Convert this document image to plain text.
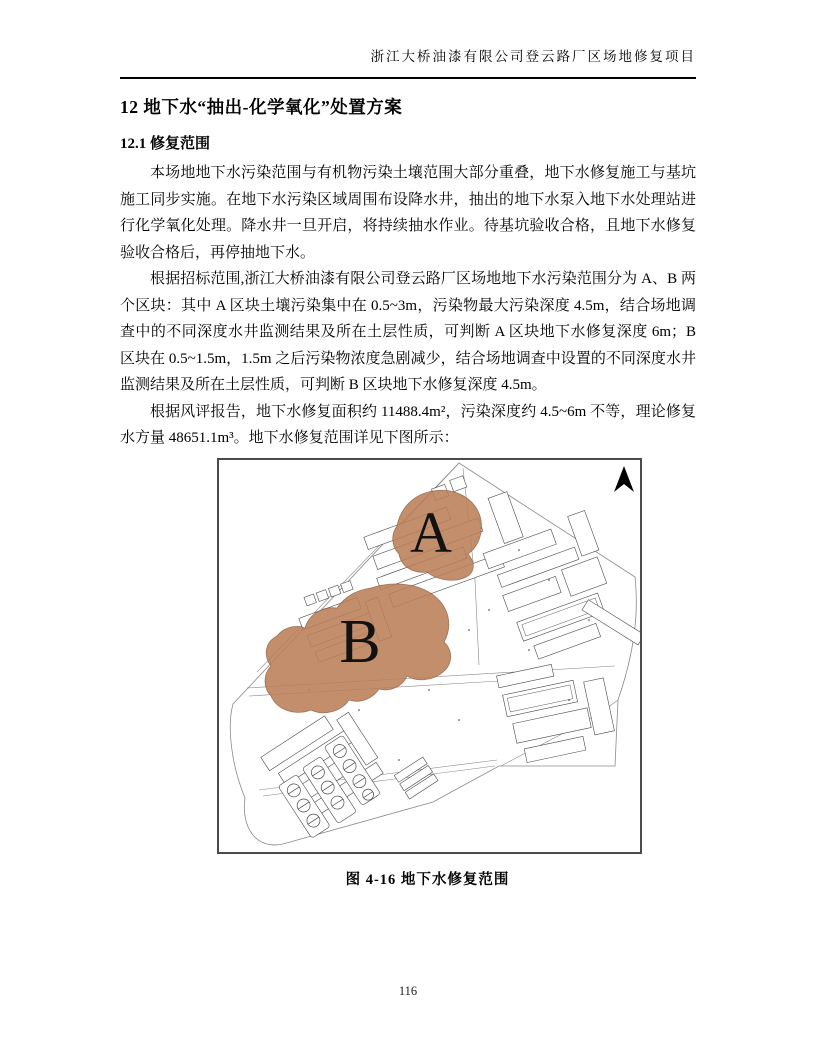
浙江大桥油漆有限公司登云路厂区场地修复项目
12 地下水“抽出-化学氧化”处置方案
12.1 修复范围

本场地地下水污染范围与有机物污染土壤范围大部分重叠，地下水修复施工与基坑施工同步实施。在地下水污染区域周围布设降水井，抽出的地下水泵入地下水处理站进行化学氧化处理。降水井一旦开启，将持续抽水作业。待基坑验收合格，且地下水修复验收合格后，再停抽地下水。

根据招标范围,浙江大桥油漆有限公司登云路厂区场地地下水污染范围分为 A、B 两个区块：其中 A 区块土壤污染集中在 0.5~3m，污染物最大污染深度 4.5m，结合场地调查中的不同深度水井监测结果及所在土层性质，可判断 A 区块地下水修复深度 6m；B 区块在 0.5~1.5m，1.5m 之后污染物浓度急剧减少，结合场地调查中设置的不同深度水井监测结果及所在土层性质，可判断 B 区块地下水修复深度 4.5m。

根据风评报告，地下水修复面积约 11488.4m²，污染深度约 4.5~6m 不等，理论修复水方量 48651.1m³。地下水修复范围详见下图所示：

A
B
图 4-16 地下水修复范围
116
